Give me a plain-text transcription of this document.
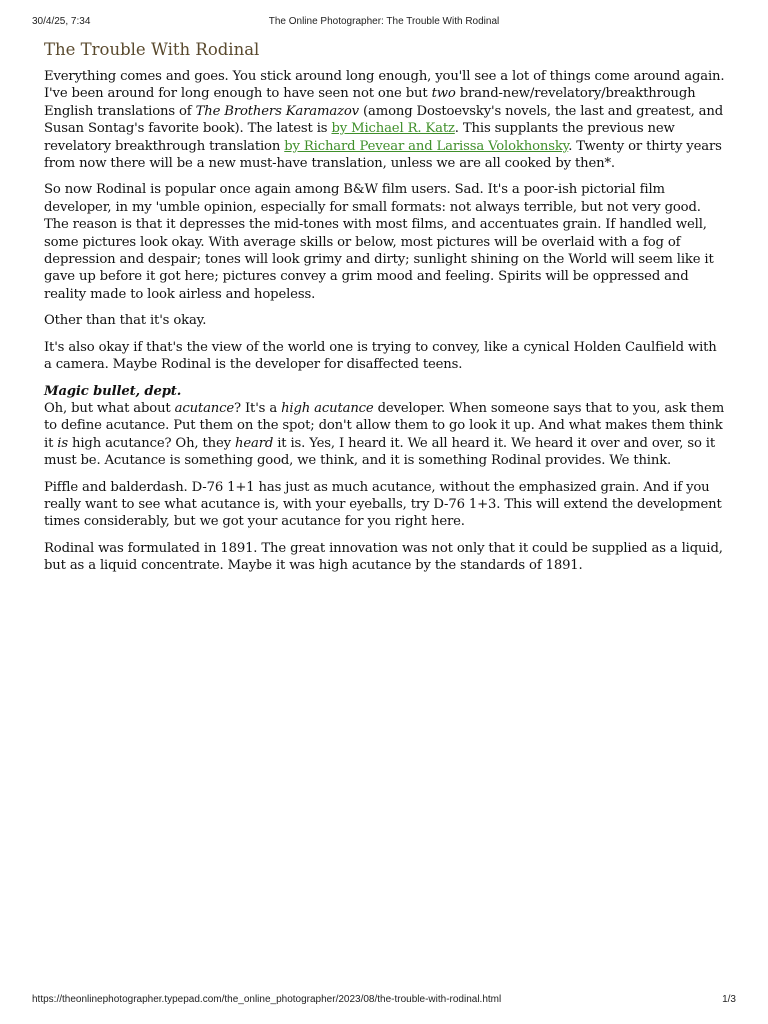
30/4/25, 7:34	The Online Photographer: The Trouble With Rodinal
The Trouble With Rodinal

Everything comes and goes. You stick around long enough, you'll see a lot of things come around again. I've been around for long enough to have seen not one but two brand-new/revelatory/breakthrough English translations of The Brothers Karamazov (among Dostoevsky's novels, the last and greatest, and Susan Sontag's favorite book). The latest is by Michael R. Katz. This supplants the previous new revelatory breakthrough translation by Richard Pevear and Larissa Volokhonsky. Twenty or thirty years from now there will be a new must-have translation, unless we are all cooked by then*.

So now Rodinal is popular once again among B&W film users. Sad. It's a poor-ish pictorial film developer, in my 'umble opinion, especially for small formats: not always terrible, but not very good. The reason is that it depresses the mid-tones with most films, and accentuates grain. If handled well, some pictures look okay. With average skills or below, most pictures will be overlaid with a fog of depression and despair; tones will look grimy and dirty; sunlight shining on the World will seem like it gave up before it got here; pictures convey a grim mood and feeling. Spirits will be oppressed and reality made to look airless and hopeless.

Other than that it's okay.

It's also okay if that's the view of the world one is trying to convey, like a cynical Holden Caulfield with a camera. Maybe Rodinal is the developer for disaffected teens.

Magic bullet, dept.
Oh, but what about acutance? It's a high acutance developer. When someone says that to you, ask them to define acutance. Put them on the spot; don't allow them to go look it up. And what makes them think it is high acutance? Oh, they heard it is. Yes, I heard it. We all heard it. We heard it over and over, so it must be. Acutance is something good, we think, and it is something Rodinal provides. We think.

Piffle and balderdash. D-76 1+1 has just as much acutance, without the emphasized grain. And if you really want to see what acutance is, with your eyeballs, try D-76 1+3. This will extend the development times considerably, but we got your acutance for you right here.

Rodinal was formulated in 1891. The great innovation was not only that it could be supplied as a liquid, but as a liquid concentrate. Maybe it was high acutance by the standards of 1891.

https://theonlinephotographer.typepad.com/the_online_photographer/2023/08/the-trouble-with-rodinal.html	1/3
